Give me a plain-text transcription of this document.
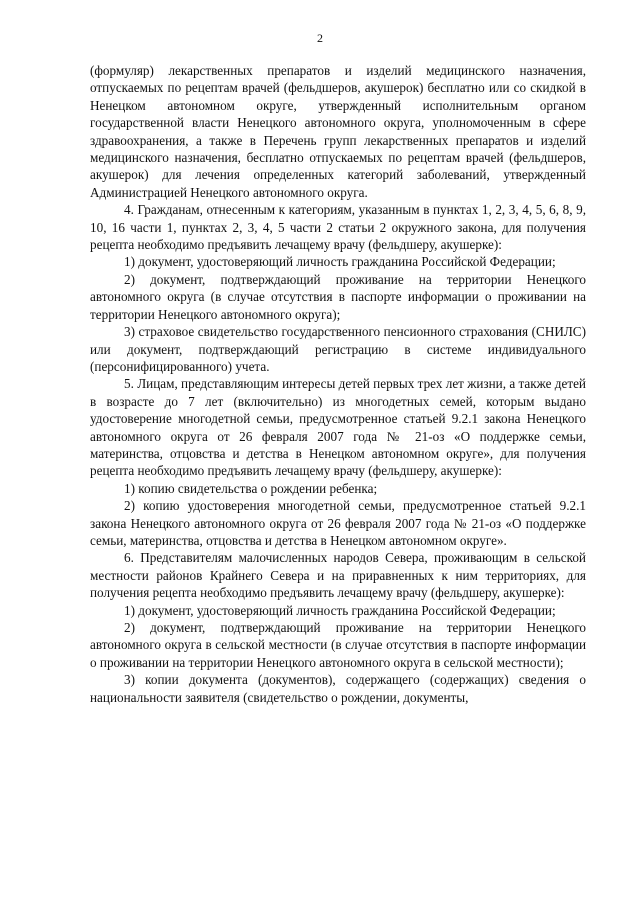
2

(формуляр) лекарственных препаратов и изделий медицинского назначения, отпускаемых по рецептам врачей (фельдшеров, акушерок) бесплатно или со скидкой в Ненецком автономном округе, утвержденный исполнительным органом государственной власти Ненецкого автономного округа, уполномоченным в сфере здравоохранения, а также в Перечень групп лекарственных препаратов и изделий медицинского назначения, бесплатно отпускаемых по рецептам врачей (фельдшеров, акушерок) для лечения определенных категорий заболеваний, утвержденный Администрацией Ненецкого автономного округа.

4. Гражданам, отнесенным к категориям, указанным в пунктах 1, 2, 3, 4, 5, 6, 8, 9, 10, 16 части 1, пунктах 2, 3, 4, 5 части 2 статьи 2 окружного закона, для получения рецепта необходимо предъявить лечащему врачу (фельдшеру, акушерке):

1) документ, удостоверяющий личность гражданина Российской Федерации;

2) документ, подтверждающий проживание на территории Ненецкого автономного округа (в случае отсутствия в паспорте информации о проживании на территории Ненецкого автономного округа);

3) страховое свидетельство государственного пенсионного страхования (СНИЛС) или документ, подтверждающий регистрацию в системе индивидуального (персонифицированного) учета.

5. Лицам, представляющим интересы детей первых трех лет жизни, а также детей в возрасте до 7 лет (включительно) из многодетных семей, которым выдано удостоверение многодетной семьи, предусмотренное статьей 9.2.1 закона Ненецкого автономного округа от 26 февраля 2007 года № 21-оз «О поддержке семьи, материнства, отцовства и детства в Ненецком автономном округе», для получения рецепта необходимо предъявить лечащему врачу (фельдшеру, акушерке):

1) копию свидетельства о рождении ребенка;

2) копию удостоверения многодетной семьи, предусмотренное статьей 9.2.1 закона Ненецкого автономного округа от 26 февраля 2007 года № 21-оз «О поддержке семьи, материнства, отцовства и детства в Ненецком автономном округе».

6. Представителям малочисленных народов Севера, проживающим в сельской местности районов Крайнего Севера и на приравненных к ним территориях, для получения рецепта необходимо предъявить лечащему врачу (фельдшеру, акушерке):

1) документ, удостоверяющий личность гражданина Российской Федерации;

2) документ, подтверждающий проживание на территории Ненецкого автономного округа в сельской местности (в случае отсутствия в паспорте информации о проживании на территории Ненецкого автономного округа в сельской местности);

3) копии документа (документов), содержащего (содержащих) сведения о национальности заявителя (свидетельство о рождении, документы,
